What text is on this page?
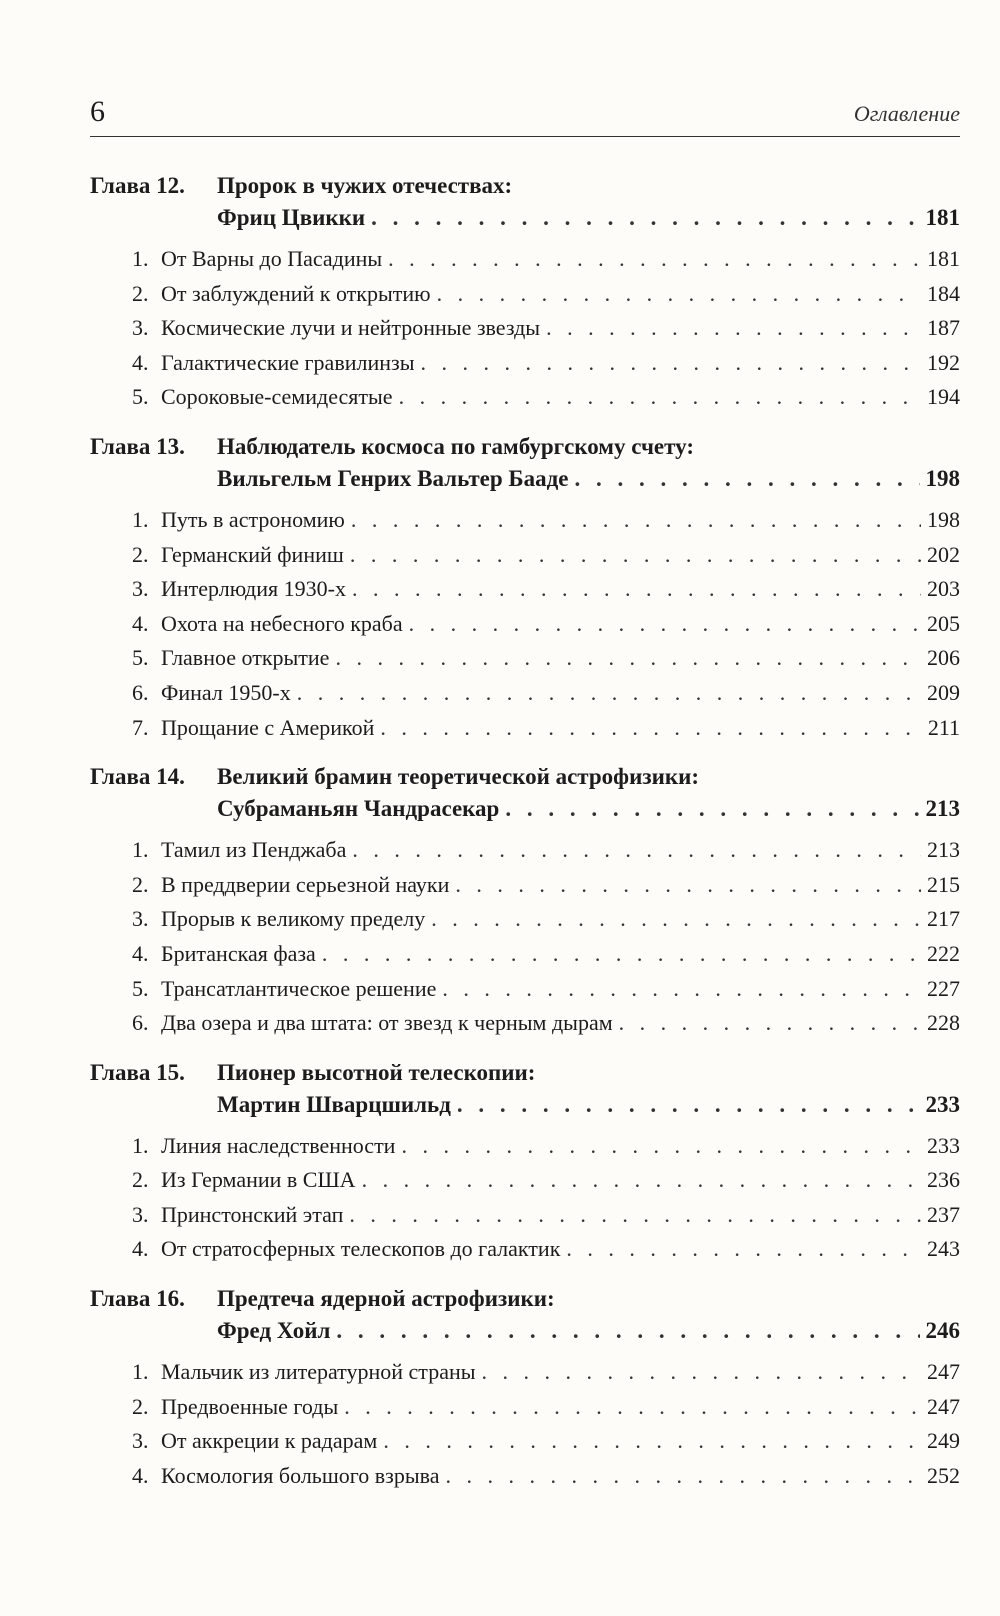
6	Оглавление
Глава 12.	Пророк в чужих отечествах:
Фриц Цвикки . . .	181
1. От Варны до Пасадины . . .	181
2. От заблуждений к открытию . . .	184
3. Космические лучи и нейтронные звезды . . .	187
4. Галактические гравилинзы . . .	192
5. Сороковые-семидесятые . . .	194
Глава 13.	Наблюдатель космоса по гамбургскому счету:
Вильгельм Генрих Вальтер Бааде . . .	198
1. Путь в астрономию . . .	198
2. Германский финиш . . .	202
3. Интерлюдия 1930-х . . .	203
4. Охота на небесного краба . . .	205
5. Главное открытие . . .	206
6. Финал 1950-х . . .	209
7. Прощание с Америкой . . .	211
Глава 14.	Великий брамин теоретической астрофизики:
Субраманьян Чандрасекар . . .	213
1. Тамил из Пенджаба . . .	213
2. В преддверии серьезной науки . . .	215
3. Прорыв к великому пределу . . .	217
4. Британская фаза . . .	222
5. Трансатлантическое решение . . .	227
6. Два озера и два штата: от звезд к черным дырам . . .	228
Глава 15.	Пионер высотной телескопии:
Мартин Шварцшильд . . .	233
1. Линия наследственности . . .	233
2. Из Германии в США . . .	236
3. Принстонский этап . . .	237
4. От стратосферных телескопов до галактик . . .	243
Глава 16.	Предтеча ядерной астрофизики:
Фред Хойл . . .	246
1. Мальчик из литературной страны . . .	247
2. Предвоенные годы . . .	247
3. От аккреции к радарам . . .	249
4. Космология большого взрыва . . .	252
